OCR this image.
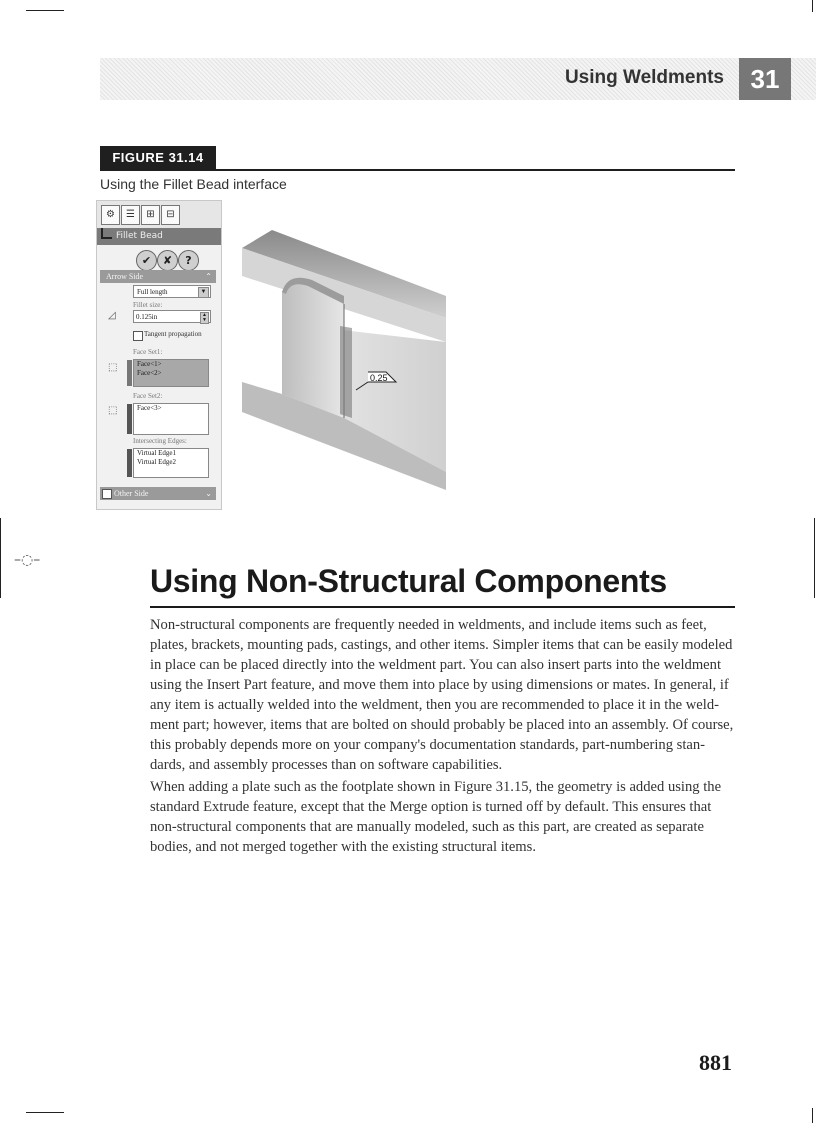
–◌–
Using Weldments	31
FIGURE 31.14
Using the Fillet Bead interface
⚙	☰	⊞	⊟
Fillet Bead
✔	✘	?
Arrow Side	⌃
Full length	▼
Fillet size:
◿	0.125in	▲
▼
Tangent propagation
Face Set1:
⬚	Face<1>
Face<2>
Face Set2:
⬚	Face<3>
Intersecting Edges:
Virtual Edge1
Virtual Edge2
Other Side	⌄
0.25
Using Non-Structural Components

Non-structural components are frequently needed in weldments, and include items such as feet, plates, brackets, mounting pads, castings, and other items. Simpler items that can be easily modeled in place can be placed directly into the weldment part. You can also insert parts into the weldment using the Insert Part feature, and move them into place by using dimensions or mates. In general, if any item is actually welded into the weldment, then you are recommended to place it in the weld-ment part; however, items that are bolted on should probably be placed into an assembly. Of course, this probably depends more on your company's documentation standards, part-numbering stan-dards, and assembly processes than on software capabilities.

When adding a plate such as the footplate shown in Figure 31.15, the geometry is added using the standard Extrude feature, except that the Merge option is turned off by default. This ensures that non-structural components that are manually modeled, such as this part, are created as separate bodies, and not merged together with the existing structural items.

881
